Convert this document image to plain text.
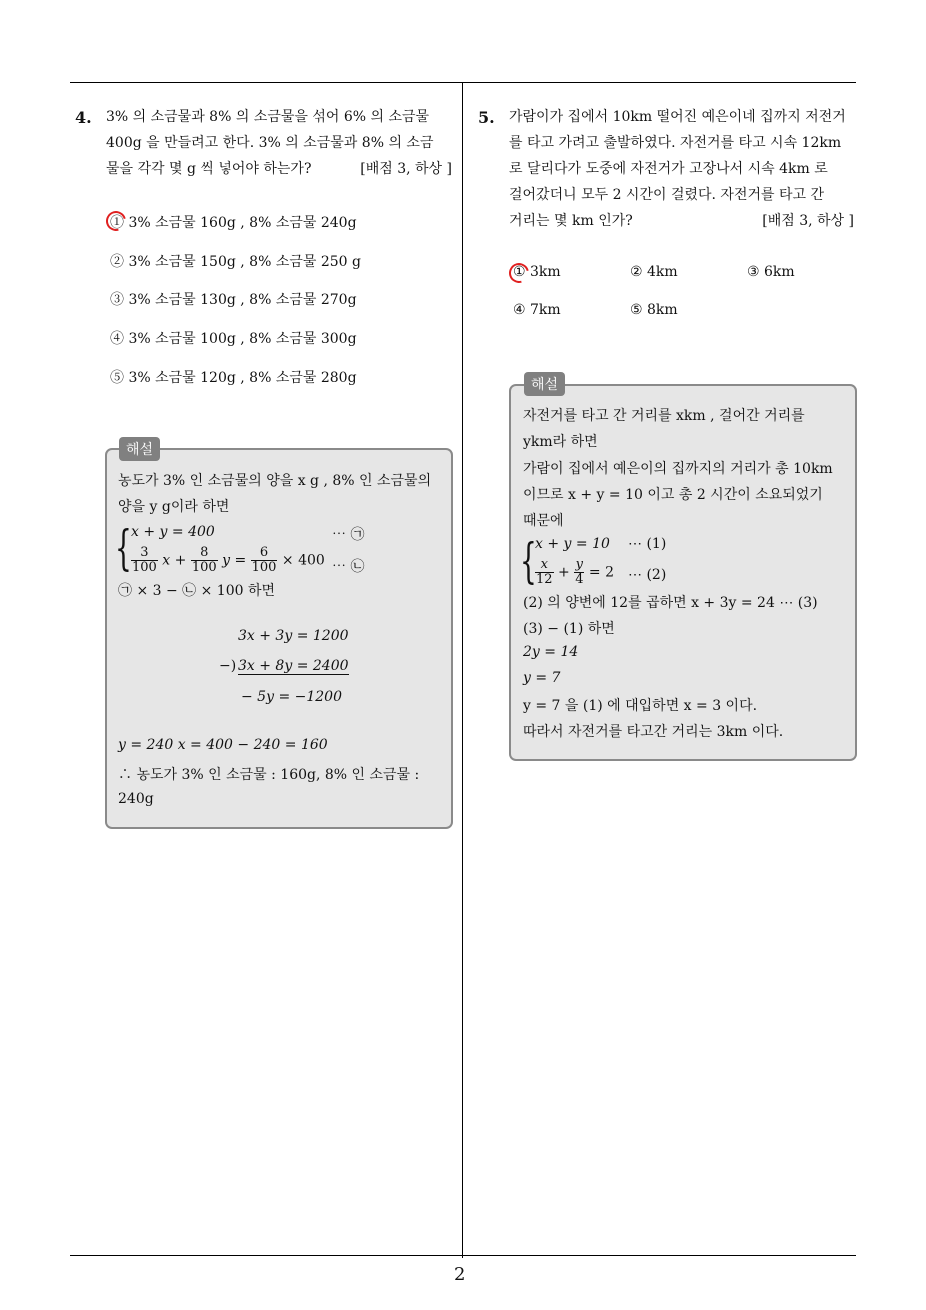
4. 3% 의 소금물과 8% 의 소금물을 섞어 6% 의 소금물
400g 을 만들려고 한다. 3% 의 소금물과 8% 의 소금
물을 각각 몇 g 씩 넣어야 하는가?	[배점 3, 하상 ]
① 3% 소금물 160g , 8% 소금물 240g
② 3% 소금물 150g , 8% 소금물 250 g
③ 3% 소금물 130g , 8% 소금물 270g
④ 3% 소금물 100g , 8% 소금물 300g
⑤ 3% 소금물 120g , 8% 소금물 280g
해설
농도가 3% 인 소금물의 양을 x g , 8% 인 소금물의
양을 y g이라 하면
{ x + y = 400	⋯ ㉠
$\frac{3}{100}$ $x + \frac{8}{100}$ $y = \frac{6}{100} \times 400$ ⋯ ㉡
㉠ × 3 − ㉡ × 100 하면
3x + 3y = 1200
−) 3x + 8y = 2400
− 5y = −1200
y = 240 x = 400 − 240 = 160
∴ 농도가 3% 인 소금물 : 160g, 8% 인 소금물 :
240g
5. 가람이가 집에서 10km 떨어진 예은이네 집까지 저전거
를 타고 가려고 출발하였다. 자전거를 타고 시속 12km
로 달리다가 도중에 자전거가 고장나서 시속 4km 로
걸어갔더니 모두 2 시간이 걸렸다. 자전거를 타고 간
거리는 몇 km 인가?	[배점 3, 하상 ]
① 3km	② 4km	③ 6km
④ 7km	⑤ 8km
해설
자전거를 타고 간 거리를 xkm , 걸어간 거리를
ykm라 하면
가람이 집에서 예은이의 집까지의 거리가 총 10km
이므로 x + y = 10 이고 총 2 시간이 소요되었기
때문에
{
x + y = 10 ⋯ (1)
$\frac{x}{12} + \frac{y}{4} = 2$ ⋯ (2)
(2) 의 양변에 12를 곱하면 x + 3y = 24 ⋯ (3)
(3) − (1) 하면
2y = 14
y = 7
y = 7 을 (1) 에 대입하면 x = 3 이다.
따라서 자전거를 타고간 거리는 3km 이다.
2
